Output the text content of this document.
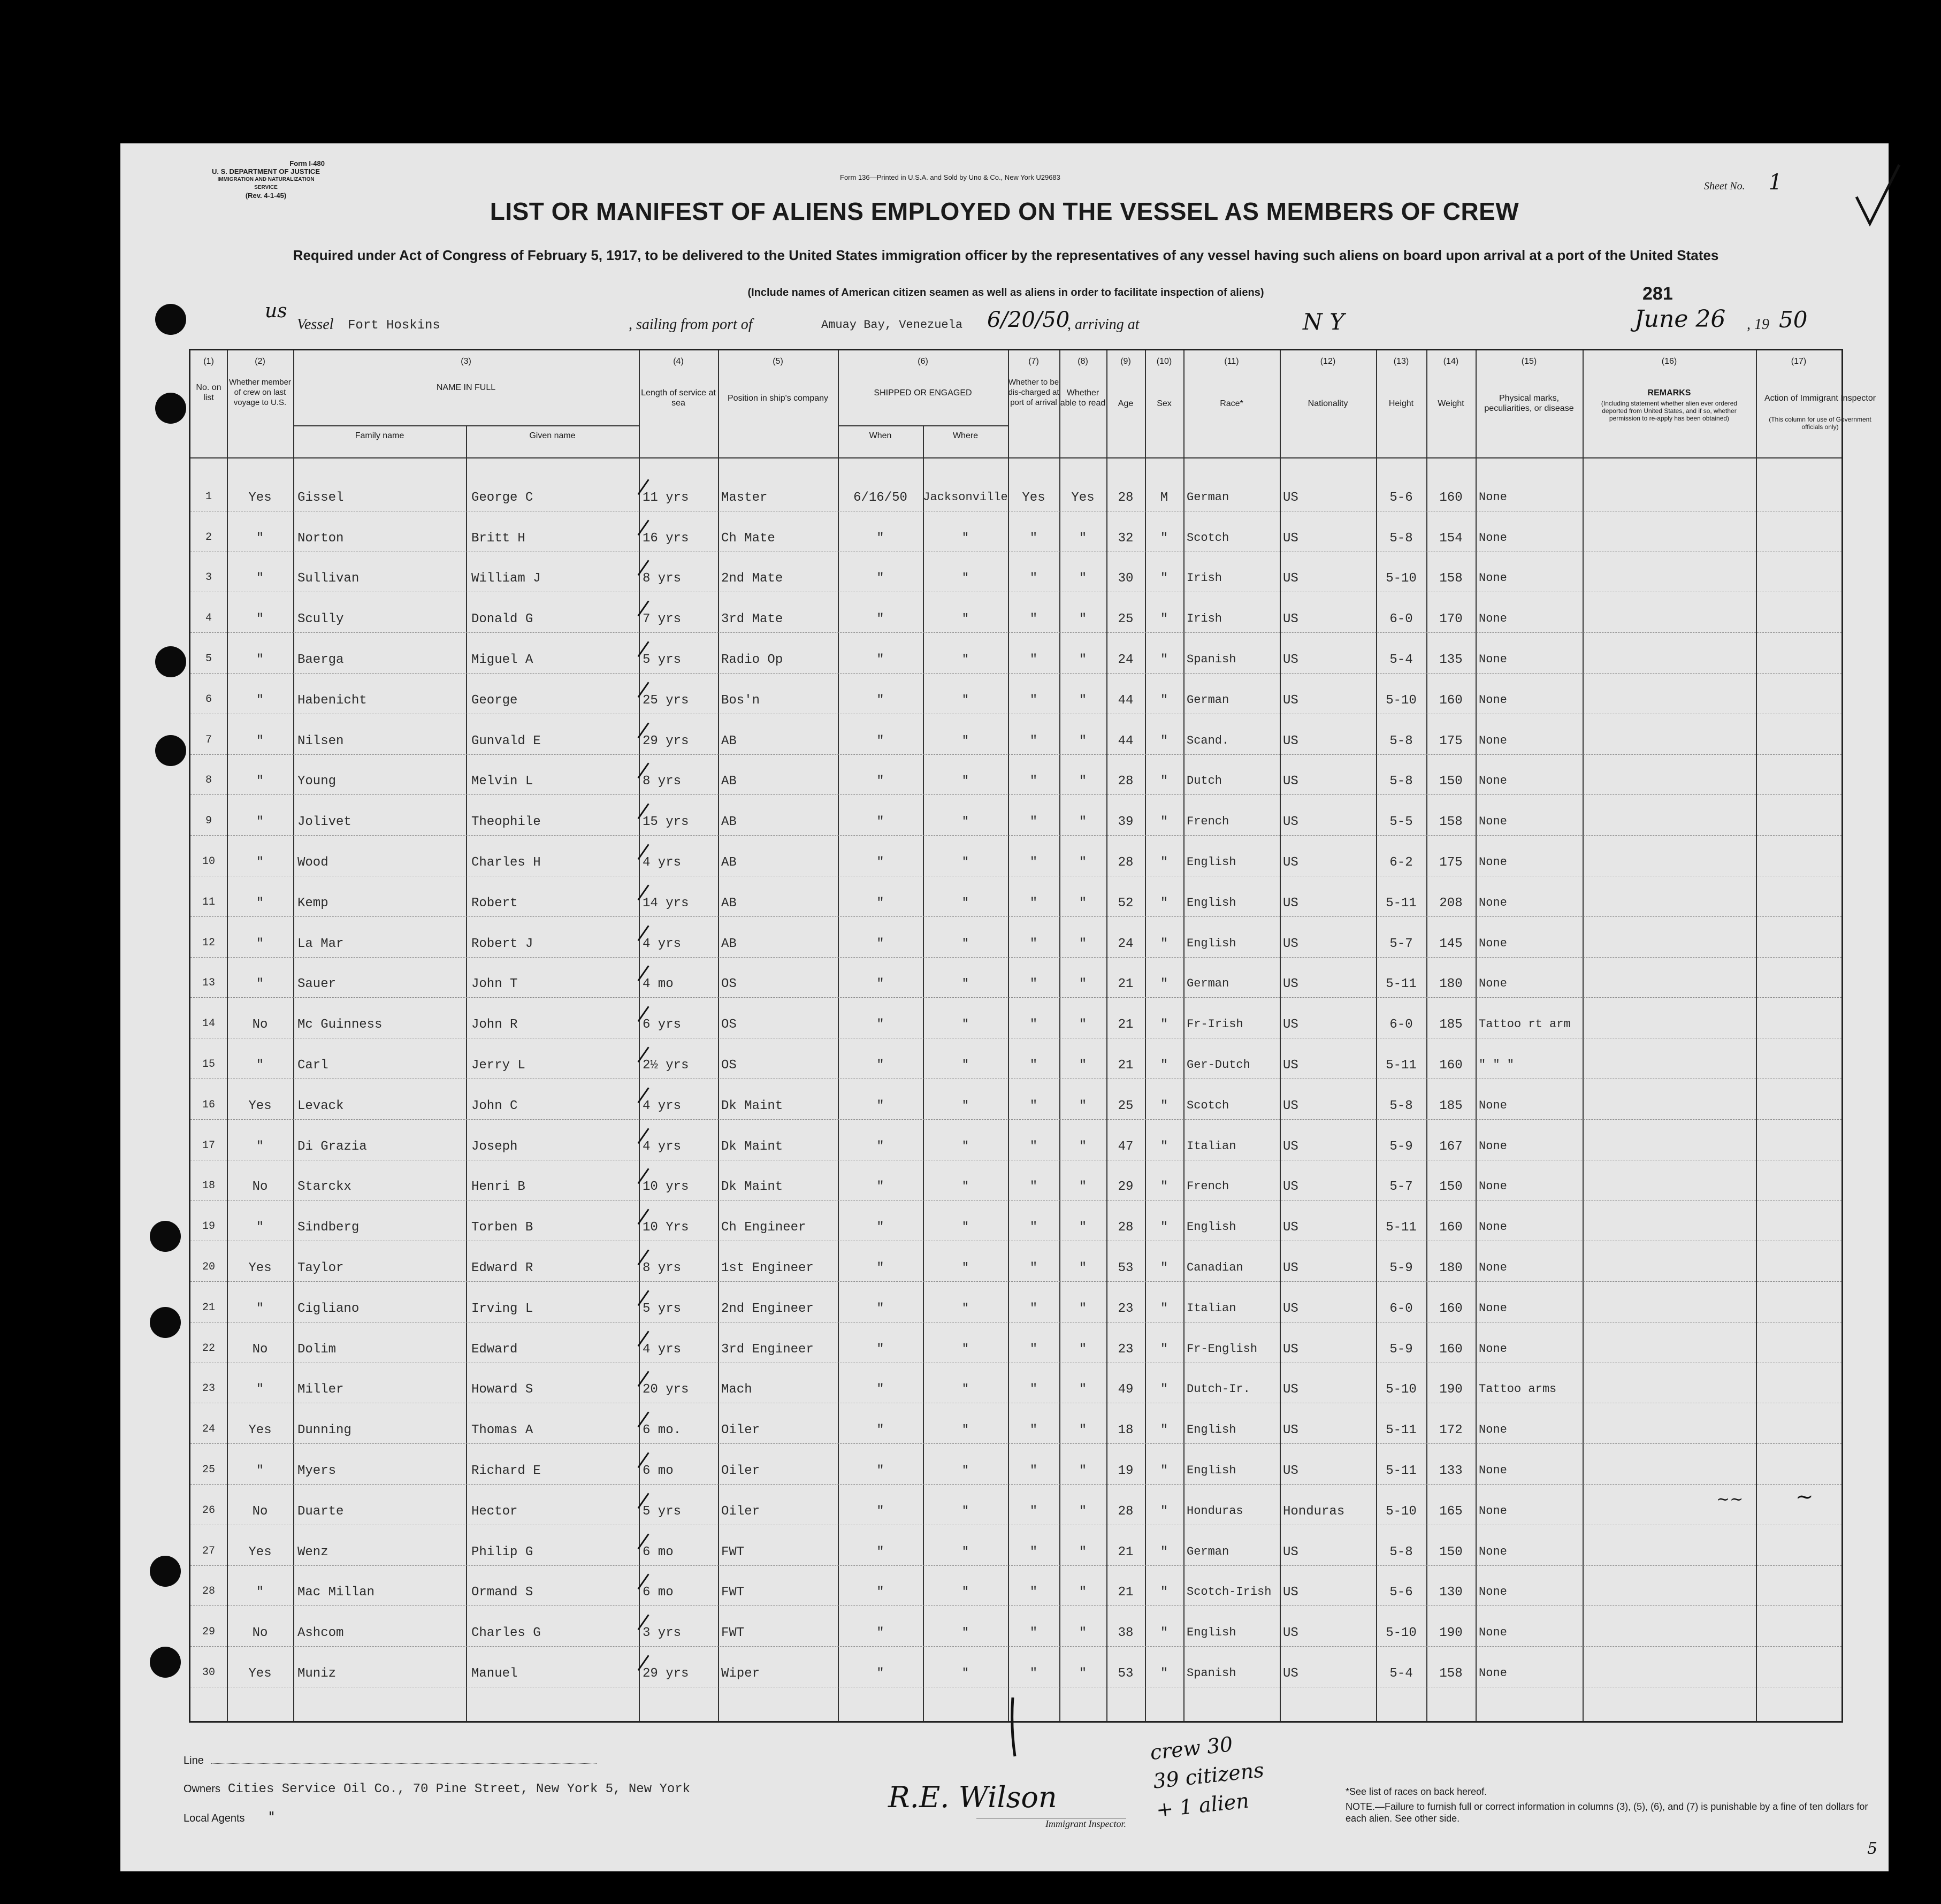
Form I-480
U. S. DEPARTMENT OF JUSTICE
IMMIGRATION AND NATURALIZATION SERVICE
(Rev. 4-1-45)
Form 136—Printed in U.S.A. and Sold by Uno & Co., New York U29683
Sheet No. 1
LIST OR MANIFEST OF ALIENS EMPLOYED ON THE VESSEL AS MEMBERS OF CREW
Required under Act of Congress of February 5, 1917, to be delivered to the United States immigration officer by the representatives of any vessel having such aliens on board upon arrival at a port of the United States
(Include names of American citizen seamen as well as aliens in order to facilitate inspection of aliens)	281
us
Vessel Fort Hoskins	, sailing from port of	Amuay Bay, Venezuela 6/20/50
, arriving at	N Y	June 26 , 19 50
No. on list
Whether member of crew on last voyage to U.S.
NAME IN FULL
Family name	Given name
Length of service at sea
Position in ship's company
SHIPPED OR ENGAGED
When	Where
Whether to be dis-charged at port of arrival
Whether able to read	Age	Sex	Race*	Nationality	Height	Weight
Physical marks, peculiarities, or disease
REMARKS
(Including statement whether alien ever ordered deported from United States, and if so, whether permission to re-apply has been obtained)
Action of Immigrant Inspector
(This column for use of Government officials only)
(1)	(2)	(3)	(4)	(5)	(6)	(7)	(8)	(9)	(10)	(11)	(12)	(13)	(14)	(15)	(16)	(17)
1	Yes	Gissel	George C	11 yrs	Master	6/16/50	Jacksonville	Yes	Yes	28	M	German	US	5-6	160	None
2	"	Norton	Britt H	16 yrs	Ch Mate	"	"	"	"	32	"	Scotch	US	5-8	154	None
3	"	Sullivan	William J	8 yrs	2nd Mate	"	"	"	"	30	"	Irish	US	5-10	158	None
4	"	Scully	Donald G	7 yrs	3rd Mate	"	"	"	"	25	"	Irish	US	6-0	170	None
5	"	Baerga	Miguel A	5 yrs	Radio Op	"	"	"	"	24	"	Spanish	US	5-4	135	None
6	"	Habenicht	George	25 yrs	Bos'n	"	"	"	"	44	"	German	US	5-10	160	None
7	"	Nilsen	Gunvald E	29 yrs	AB	"	"	"	"	44	"	Scand.	US	5-8	175	None
8	"	Young	Melvin L	8 yrs	AB	"	"	"	"	28	"	Dutch	US	5-8	150	None
9	"	Jolivet	Theophile	15 yrs	AB	"	"	"	"	39	"	French	US	5-5	158	None
10	"	Wood	Charles H	4 yrs	AB	"	"	"	"	28	"	English	US	6-2	175	None
11	"	Kemp	Robert	14 yrs	AB	"	"	"	"	52	"	English	US	5-11	208	None
12	"	La Mar	Robert J	4 yrs	AB	"	"	"	"	24	"	English	US	5-7	145	None
13	"	Sauer	John T	4 mo	OS	"	"	"	"	21	"	German	US	5-11	180	None
14	No	Mc Guinness	John R	6 yrs	OS	"	"	"	"	21	"	Fr-Irish	US	6-0	185	Tattoo rt arm
15	"	Carl	Jerry L	2½ yrs	OS	"	"	"	"	21	"	Ger-Dutch	US	5-11	160	" " "
16	Yes	Levack	John C	4 yrs	Dk Maint	"	"	"	"	25	"	Scotch	US	5-8	185	None
17	"	Di Grazia	Joseph	4 yrs	Dk Maint	"	"	"	"	47	"	Italian	US	5-9	167	None
18	No	Starckx	Henri B	10 yrs	Dk Maint	"	"	"	"	29	"	French	US	5-7	150	None
19	"	Sindberg	Torben B	10 Yrs	Ch Engineer	"	"	"	"	28	"	English	US	5-11	160	None
20	Yes	Taylor	Edward R	8 yrs	1st Engineer	"	"	"	"	53	"	Canadian	US	5-9	180	None
21	"	Cigliano	Irving L	5 yrs	2nd Engineer	"	"	"	"	23	"	Italian	US	6-0	160	None
22	No	Dolim	Edward	4 yrs	3rd Engineer	"	"	"	"	23	"	Fr-English	US	5-9	160	None
23	"	Miller	Howard S	20 yrs	Mach	"	"	"	"	49	"	Dutch-Ir.	US	5-10	190	Tattoo arms
24	Yes	Dunning	Thomas A	6 mo.	Oiler	"	"	"	"	18	"	English	US	5-11	172	None
25	"	Myers	Richard E	6 mo	Oiler	"	"	"	"	19	"	English	US	5-11	133	None
26	No	Duarte	Hector	5 yrs	Oiler	"	"	"	"	28	"	Honduras	Honduras	5-10	165	None
27	Yes	Wenz	Philip G	6 mo	FWT	"	"	"	"	21	"	German	US	5-8	150	None
28	"	Mac Millan	Ormand S	6 mo	FWT	"	"	"	"	21	"	Scotch-Irish US	5-6	130	None
29	No	Ashcom	Charles G	3 yrs	FWT	"	"	"	"	38	"	English	US	5-10	190	None
30	Yes	Muniz	Manuel	29 yrs	Wiper	"	"	"	"	53	"	Spanish	US	5-4	158	None
~~ ~
Line
Owners Cities Service Oil Co., 70 Pine Street, New York 5, New York
Local Agents "
R.E. Wilson
Immigrant Inspector.
crew 30
39 citizens
+ 1 alien	*See list of races on back hereof.
NOTE.—Failure to furnish full or correct information in columns (3), (5), (6), and (7) is punishable by a fine of ten dollars for each alien. See other side.
5
